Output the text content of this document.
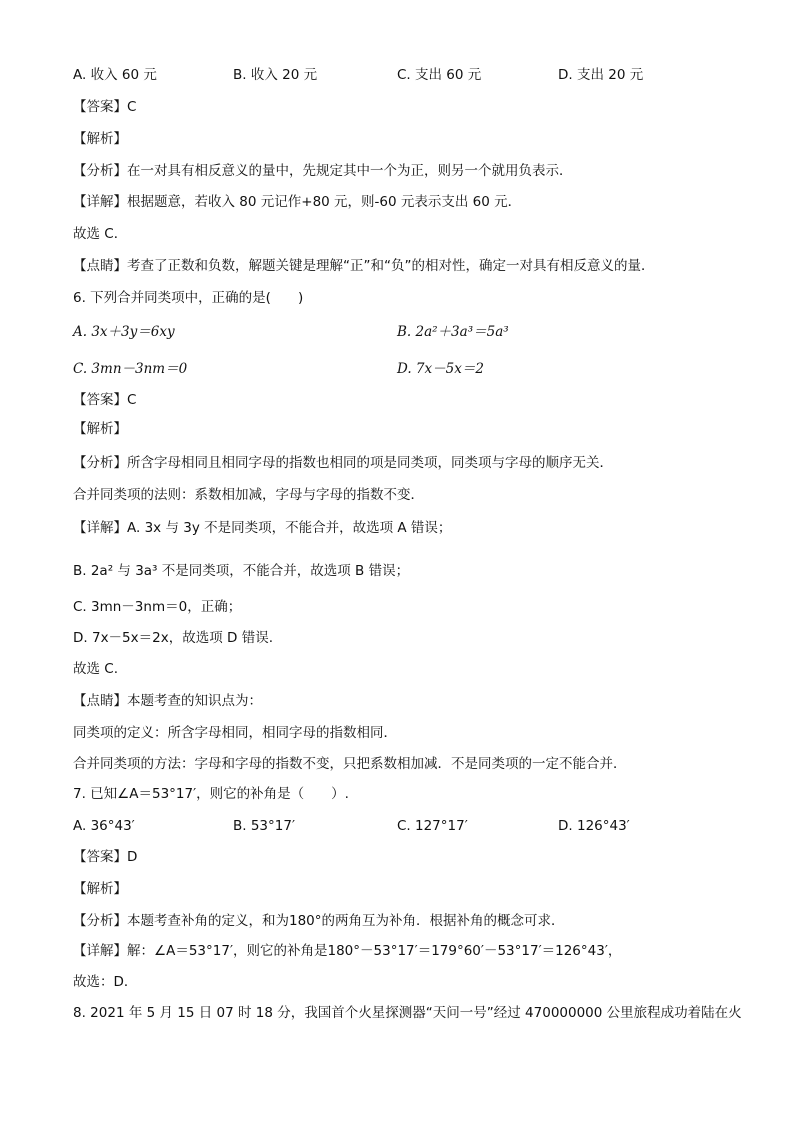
A. 收入 60 元	B. 收入 20 元	C. 支出 60 元	D. 支出 20 元
【答案】C
【解析】
【分析】在一对具有相反意义的量中，先规定其中一个为正，则另一个就用负表示．
【详解】根据题意，若收入 80 元记作+80 元，则-60 元表示支出 60 元．
故选 C．
【点睛】考查了正数和负数，解题关键是理解“正”和“负”的相对性，确定一对具有相反意义的量．
6. 下列合并同类项中，正确的是(　　)
A. 3x＋3y＝6xy	B. 2a²＋3a³＝5a³
C. 3mn－3nm＝0	D. 7x－5x＝2
【答案】C
【解析】
【分析】所含字母相同且相同字母的指数也相同的项是同类项，同类项与字母的顺序无关．
合并同类项的法则：系数相加减，字母与字母的指数不变．
【详解】A. 3x 与 3y 不是同类项，不能合并，故选项 A 错误；
B. 2a² 与 3a³ 不是同类项，不能合并，故选项 B 错误；
C. 3mn－3nm＝0，正确；
D. 7x－5x＝2x，故选项 D 错误.
故选 C.
【点睛】本题考查的知识点为：
同类项的定义：所含字母相同，相同字母的指数相同．
合并同类项的方法：字母和字母的指数不变，只把系数相加减．不是同类项的一定不能合并．
7. 已知∠A＝53°17′，则它的补角是（　　）.
A. 36°43′	B. 53°17′	C. 127°17′	D. 126°43′
【答案】D
【解析】
【分析】本题考查补角的定义，和为180°的两角互为补角．根据补角的概念可求．
【详解】解：∠A＝53°17′，则它的补角是180°－53°17′＝179°60′－53°17′＝126°43′，
故选：D．
8. 2021 年 5 月 15 日 07 时 18 分，我国首个火星探测器“天问一号”经过 470000000 公里旅程成功着陆在火
